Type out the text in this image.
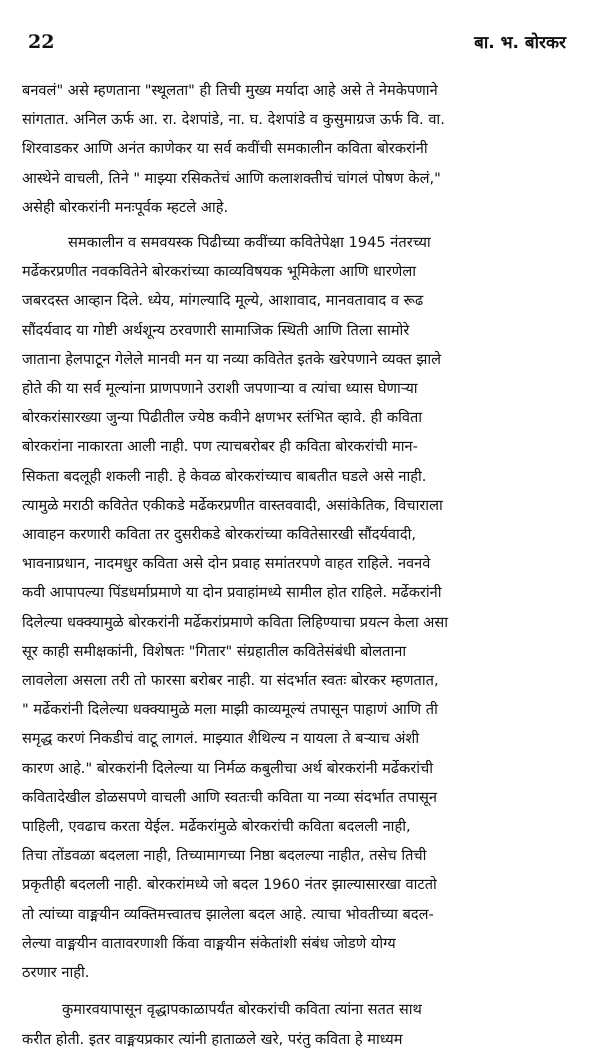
22	बा. भ. बोरकर
बनवलं" असे म्हणताना "स्थूलता" ही तिची मुख्य मर्यादा आहे असे ते नेमकेपणाने
सांगतात. अनिल ऊर्फ आ. रा. देशपांडे, ना. घ. देशपांडे व कुसुमाग्रज ऊर्फ वि. वा.
शिरवाडकर आणि अनंत काणेकर या सर्व कवींची समकालीन कविता बोरकरांनी
आस्थेने वाचली, तिने " माझ्या रसिकतेचं आणि कलाशक्तीचं चांगलं पोषण केलं,"
असेही बोरकरांनी मनःपूर्वक म्हटले आहे.
समकालीन व समवयस्क पिढीच्या कवींच्या कवितेपेक्षा 1945 नंतरच्या
मर्ढेकरप्रणीत नवकवितेने बोरकरांच्या काव्यविषयक भूमिकेला आणि धारणेला
जबरदस्त आव्हान दिले. ध्येय, मांगल्यादि मूल्ये, आशावाद, मानवतावाद व रूढ
सौंदर्यवाद या गोष्टी अर्थशून्य ठरवणारी सामाजिक स्थिती आणि तिला सामोरे
जाताना हेलपाटून गेलेले मानवी मन या नव्या कवितेत इतके खरेपणाने व्यक्त झाले
होते की या सर्व मूल्यांना प्राणपणाने उराशी जपणाऱ्या व त्यांचा ध्यास घेणाऱ्या
बोरकरांसारख्या जुन्या पिढीतील ज्येष्ठ कवीने क्षणभर स्तंभित व्हावे. ही कविता
बोरकरांना नाकारता आली नाही. पण त्याचबरोबर ही कविता बोरकरांची मान-
सिकता बदलूही शकली नाही. हे केवळ बोरकरांच्याच बाबतीत घडले असे नाही.
त्यामुळे मराठी कवितेत एकीकडे मर्ढेकरप्रणीत वास्तववादी, असांकेतिक, विचाराला
आवाहन करणारी कविता तर दुसरीकडे बोरकरांच्या कवितेसारखी सौंदर्यवादी,
भावनाप्रधान, नादमधुर कविता असे दोन प्रवाह समांतरपणे वाहत राहिले. नवनवे
कवी आपापल्या पिंडधर्माप्रमाणे या दोन प्रवाहांमध्ये सामील होत राहिले. मर्ढेकरांनी
दिलेल्या धक्क्यामुळे बोरकरांनी मर्ढेकरांप्रमाणे कविता लिहिण्याचा प्रयत्न केला असा
सूर काही समीक्षकांनी, विशेषतः "गितार" संग्रहातील कवितेसंबंधी बोलताना
लावलेला असला तरी तो फारसा बरोबर नाही. या संदर्भात स्वतः बोरकर म्हणतात,
" मर्ढेकरांनी दिलेल्या धक्क्यामुळे मला माझी काव्यमूल्यं तपासून पाहाणं आणि ती
समृद्ध करणं निकडीचं वाटू लागलं. माझ्यात शैथिल्य न यायला ते बऱ्याच अंशी
कारण आहे." बोरकरांनी दिलेल्या या निर्मळ कबुलीचा अर्थ बोरकरांनी मर्ढेकरांची
कवितादेखील डोळसपणे वाचली आणि स्वतःची कविता या नव्या संदर्भात तपासून
पाहिली, एवढाच करता येईल. मर्ढेकरांमुळे बोरकरांची कविता बदलली नाही,
तिचा तोंडवळा बदलला नाही, तिच्यामागच्या निष्ठा बदलल्या नाहीत, तसेच तिची
प्रकृतीही बदलली नाही. बोरकरांमध्ये जो बदल 1960 नंतर झाल्यासारखा वाटतो
तो त्यांच्या वाङ्मयीन व्यक्तिमत्त्वातच झालेला बदल आहे. त्याचा भोवतीच्या बदल-
लेल्या वाङ्मयीन वातावरणाशी किंवा वाङ्मयीन संकेतांशी संबंध जोडणे योग्य
ठरणार नाही.
कुमारवयापासून वृद्धापकाळापर्यंत बोरकरांची कविता त्यांना सतत साथ
करीत होती. इतर वाङ्मयप्रकार त्यांनी हाताळले खरे, परंतु कविता हे माध्यम
